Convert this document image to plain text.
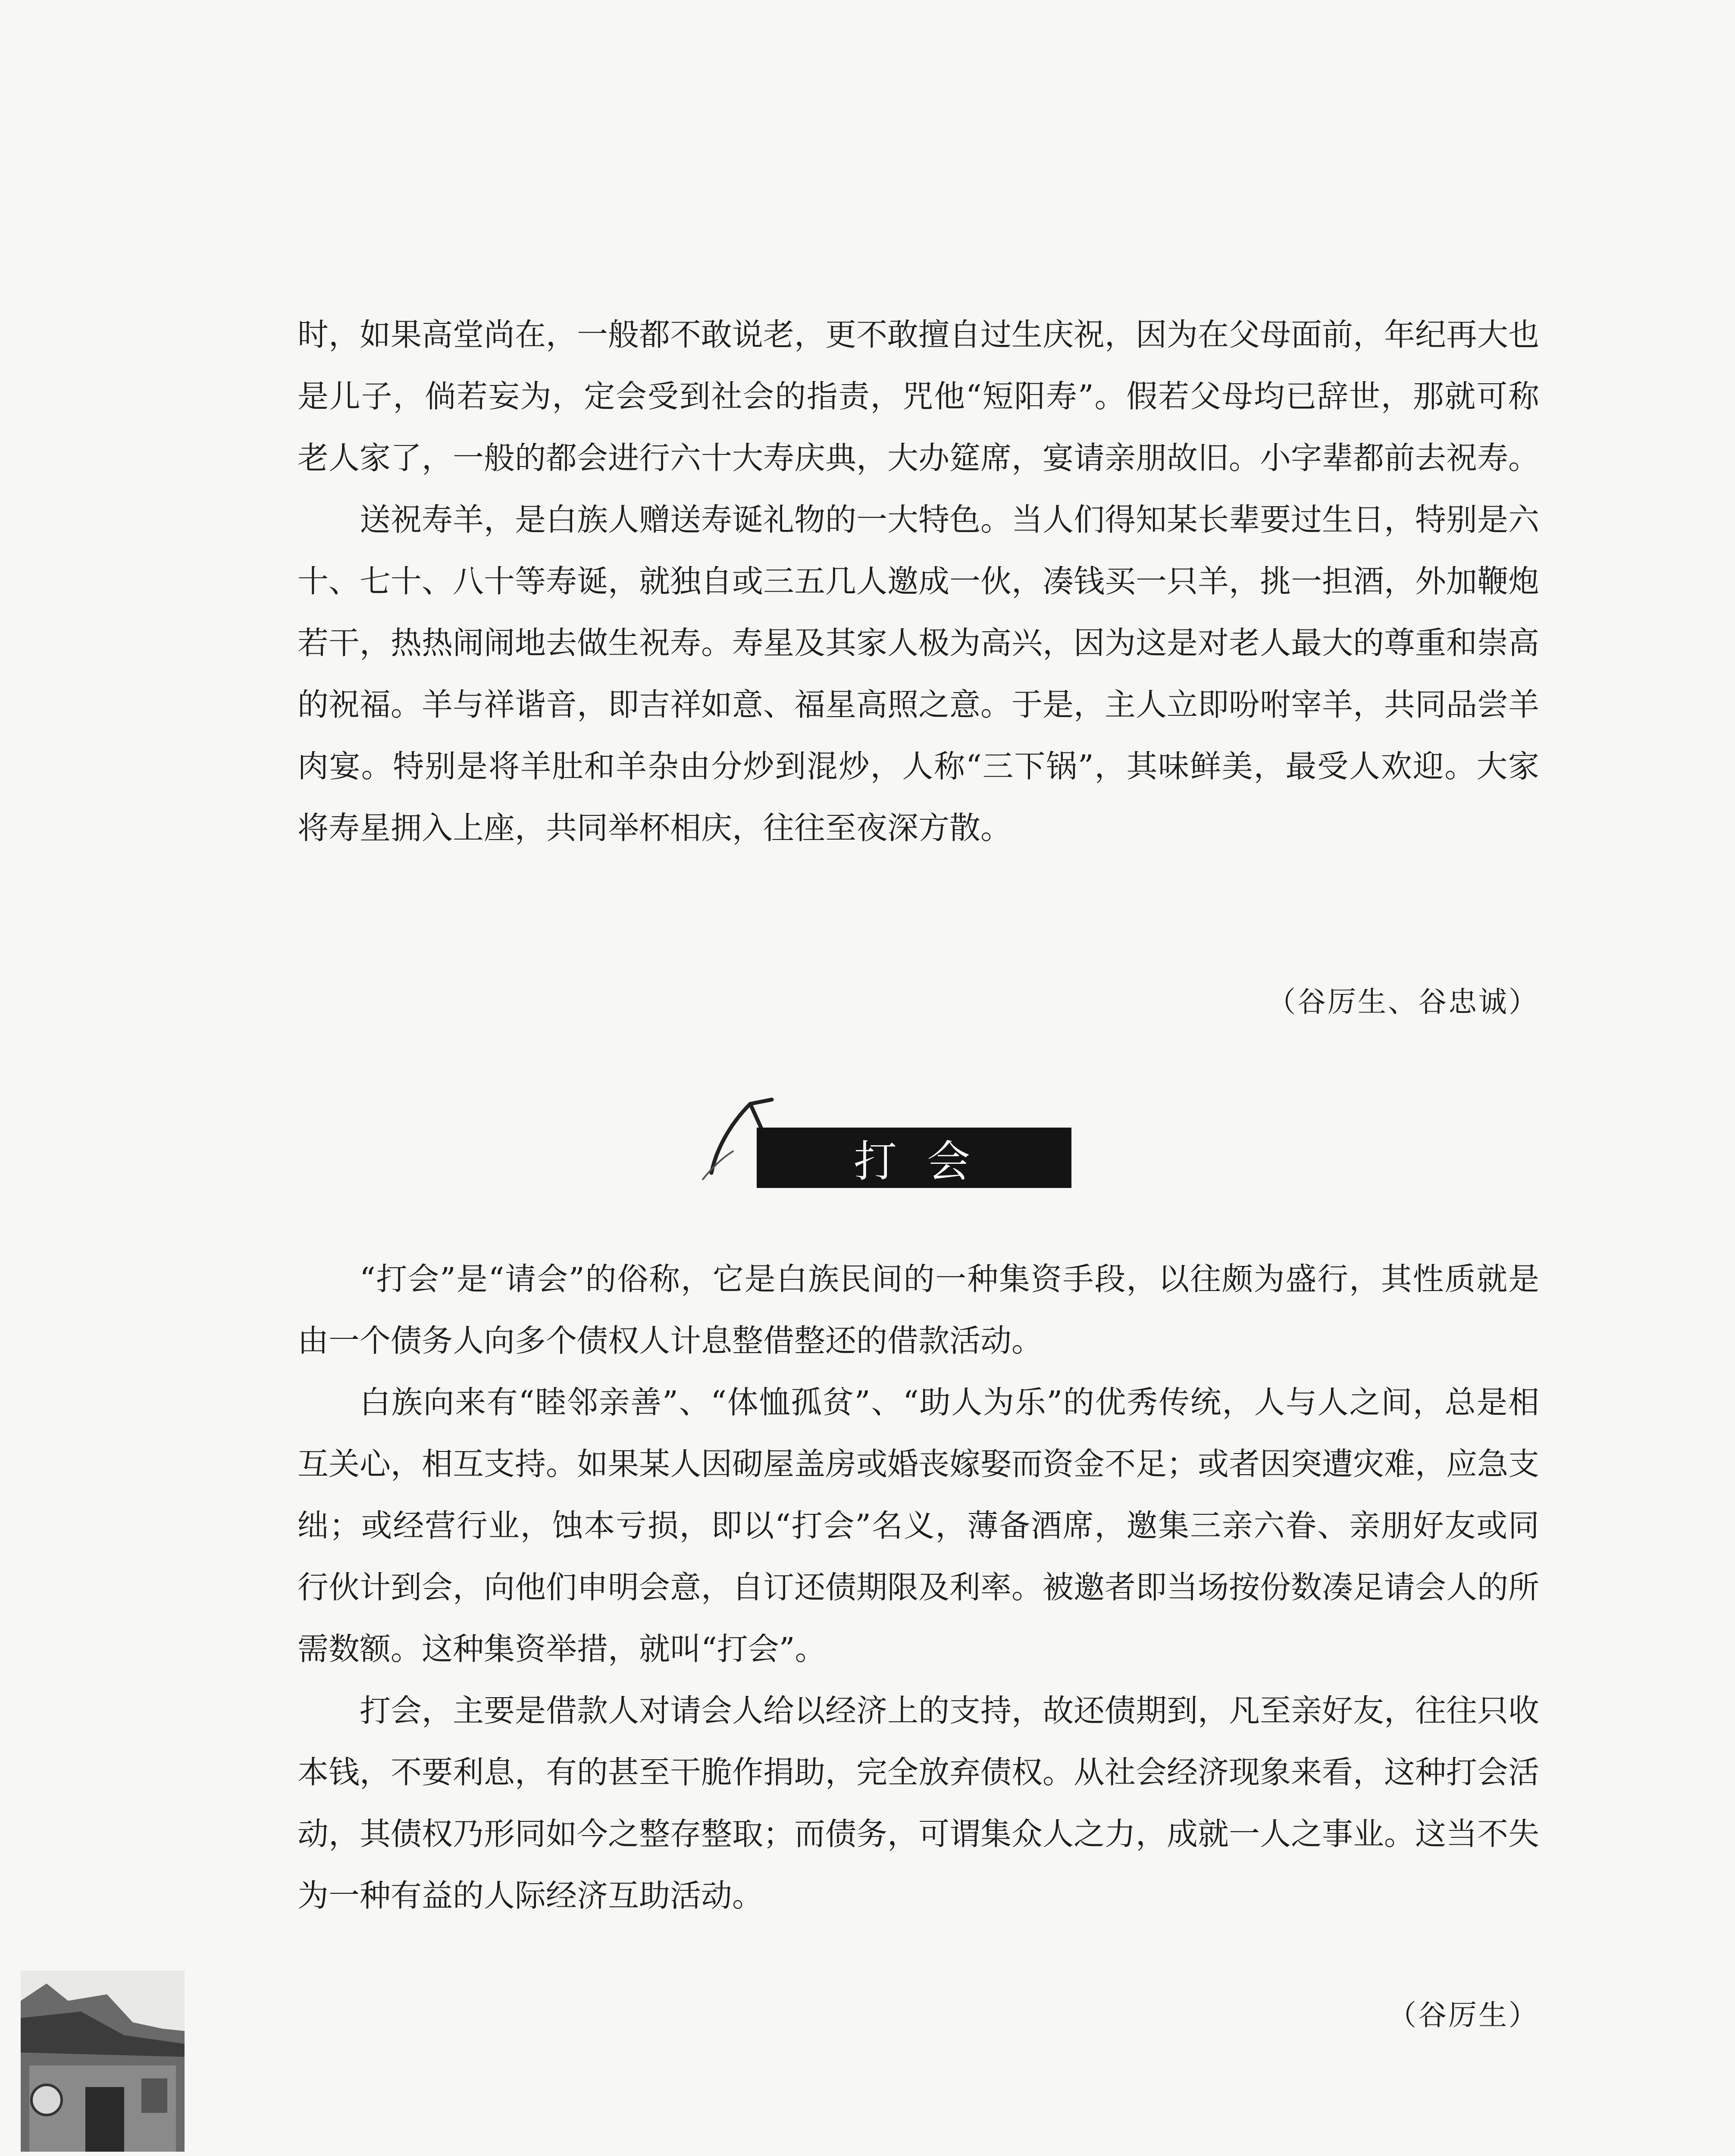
时，如果高堂尚在，一般都不敢说老，更不敢擅自过生庆祝，因为在父母面前，年纪再大也是儿子，倘若妄为，定会受到社会的指责，咒他“短阳寿”。假若父母均已辞世，那就可称老人家了，一般的都会进行六十大寿庆典，大办筵席，宴请亲朋故旧。小字辈都前去祝寿。

送祝寿羊，是白族人赠送寿诞礼物的一大特色。当人们得知某长辈要过生日，特别是六十、七十、八十等寿诞，就独自或三五几人邀成一伙，凑钱买一只羊，挑一担酒，外加鞭炮若干，热热闹闹地去做生祝寿。寿星及其家人极为高兴，因为这是对老人最大的尊重和崇高的祝福。羊与祥谐音，即吉祥如意、福星高照之意。于是，主人立即吩咐宰羊，共同品尝羊肉宴。特别是将羊肚和羊杂由分炒到混炒，人称“三下锅”，其味鲜美，最受人欢迎。大家将寿星拥入上座，共同举杯相庆，往往至夜深方散。

（谷厉生、谷忠诚）
打会

“打会”是“请会”的俗称，它是白族民间的一种集资手段，以往颇为盛行，其性质就是由一个债务人向多个债权人计息整借整还的借款活动。

白族向来有“睦邻亲善”、“体恤孤贫”、“助人为乐”的优秀传统，人与人之间，总是相互关心，相互支持。如果某人因砌屋盖房或婚丧嫁娶而资金不足；或者因突遭灾难，应急支绌；或经营行业，蚀本亏损，即以“打会”名义，薄备酒席，邀集三亲六眷、亲朋好友或同行伙计到会，向他们申明会意，自订还债期限及利率。被邀者即当场按份数凑足请会人的所需数额。这种集资举措，就叫“打会”。

打会，主要是借款人对请会人给以经济上的支持，故还债期到，凡至亲好友，往往只收本钱，不要利息，有的甚至干脆作捐助，完全放弃债权。从社会经济现象来看，这种打会活动，其债权乃形同如今之整存整取；而债务，可谓集众人之力，成就一人之事业。这当不失为一种有益的人际经济互助活动。

（谷厉生）
